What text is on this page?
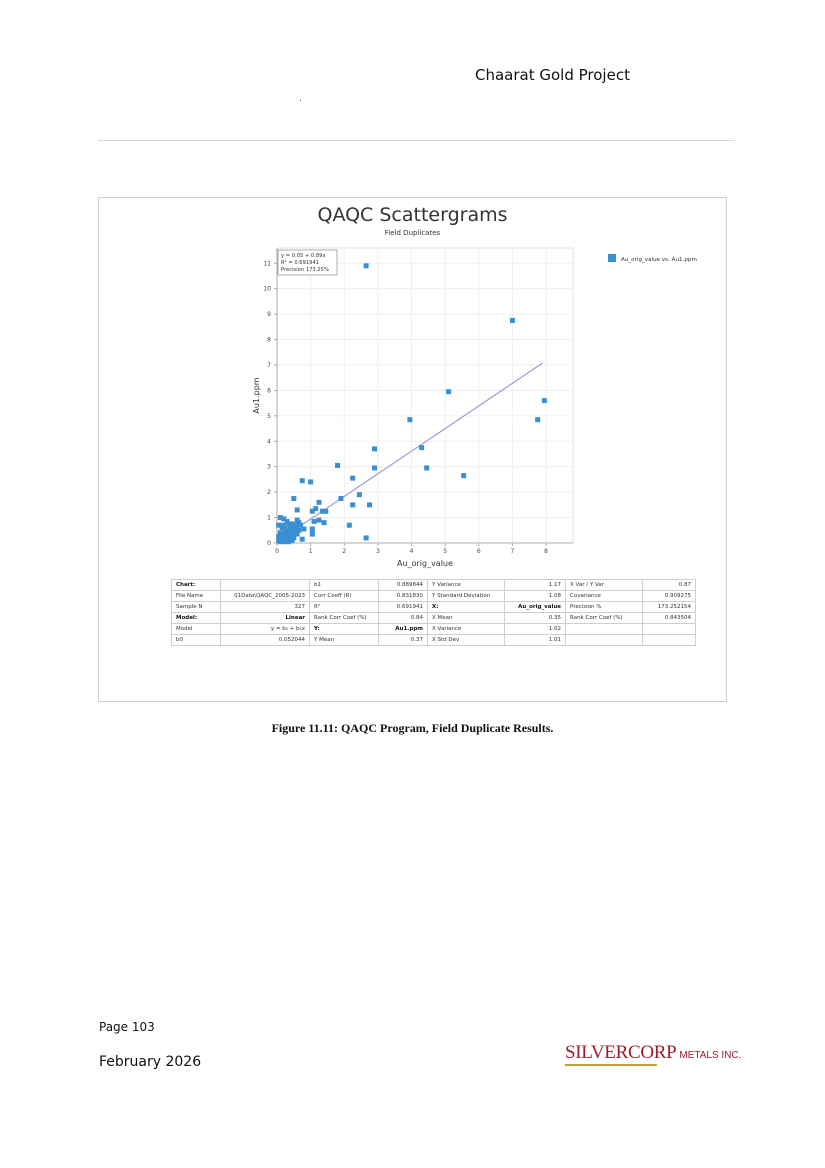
Chaarat Gold Project
QAQC Scattergrams
Field Duplicates
0	1	2	3	4	5	6	7	8
0
1
2
3
4
5
6
7
8
9
10
11
Au_orig_value
Au1.ppm
y = 0.05 + 0.89x
R² = 0.691941
Precision 173.25%
Au_orig_value vs. Au1.ppm
Chart:		b1	0.889844	Y Variance	1.17	X Var / Y Var	0.87
File Name	01Data\QAQC_2005-2023	Corr Coeff (R)	0.831830	Y Standard Deviation	1.08	Covariance	0.909275
Sample N	327	R²	0.691941	X:	Au_orig_value	Precision %	173.252154
Model:	Linear	Rank Corr Coef (%)	0.84	X Mean	0.35	Rank Corr Coef (%)	0.843504
Model	y = b₀ + b₁x	Y:	Au1.ppm	X Variance	1.02		
b0	0.052044	Y Mean	0.37	X Std Dev	1.01		
Figure 11.11: QAQC Program, Field Duplicate Results.
Page 103
February 2026	SILVERCORP METALS INC.
